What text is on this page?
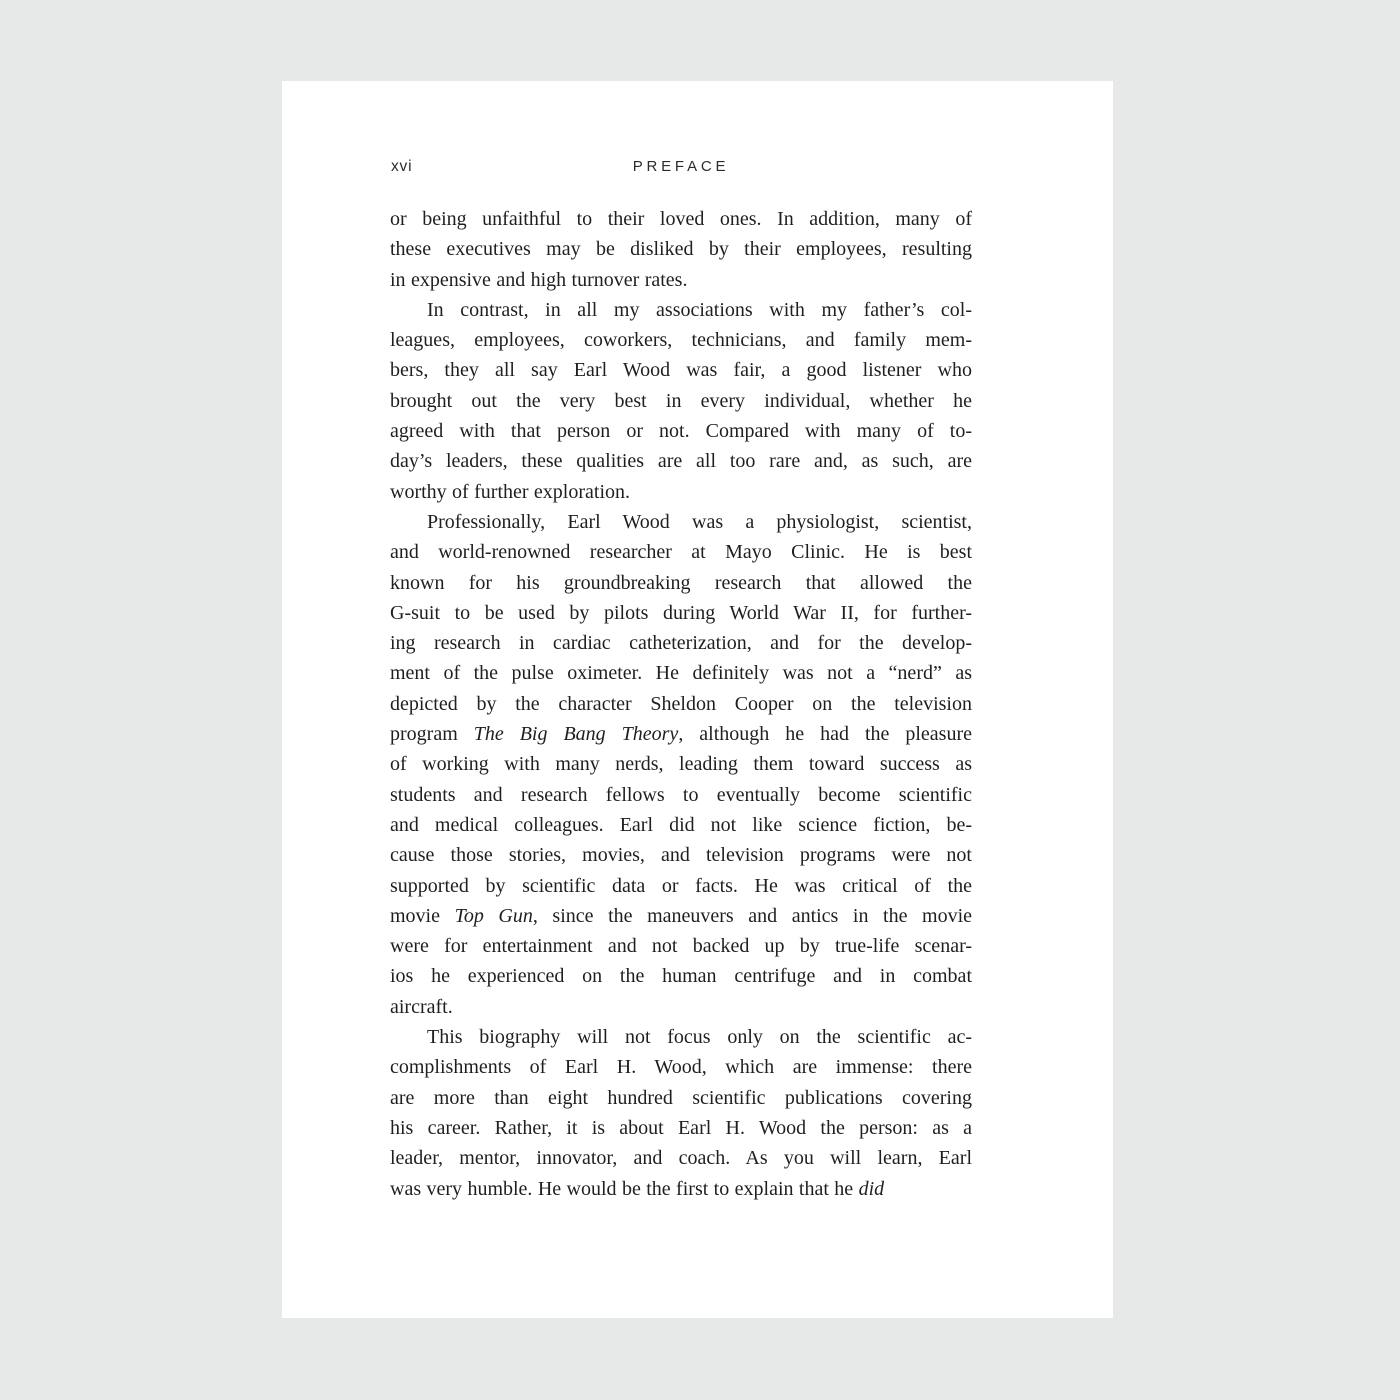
xvi	PREFACE
or being unfaithful to their loved ones. In addition, many of
these executives may be disliked by their employees, resulting
in expensive and high turnover rates.
In contrast, in all my associations with my father’s col-
leagues, employees, coworkers, technicians, and family mem-
bers, they all say Earl Wood was fair, a good listener who
brought out the very best in every individual, whether he
agreed with that person or not. Compared with many of to-
day’s leaders, these qualities are all too rare and, as such, are
worthy of further exploration.
Professionally, Earl Wood was a physiologist, scientist,
and world-renowned researcher at Mayo Clinic. He is best
known for his groundbreaking research that allowed the
G-suit to be used by pilots during World War II, for further-
ing research in cardiac catheterization, and for the develop-
ment of the pulse oximeter. He definitely was not a “nerd” as
depicted by the character Sheldon Cooper on the television
program The Big Bang Theory, although he had the pleasure
of working with many nerds, leading them toward success as
students and research fellows to eventually become scientific
and medical colleagues. Earl did not like science fiction, be-
cause those stories, movies, and television programs were not
supported by scientific data or facts. He was critical of the
movie Top Gun, since the maneuvers and antics in the movie
were for entertainment and not backed up by true-life scenar-
ios he experienced on the human centrifuge and in combat
aircraft.
This biography will not focus only on the scientific ac-
complishments of Earl H. Wood, which are immense: there
are more than eight hundred scientific publications covering
his career. Rather, it is about Earl H. Wood the person: as a
leader, mentor, innovator, and coach. As you will learn, Earl
was very humble. He would be the first to explain that he did
